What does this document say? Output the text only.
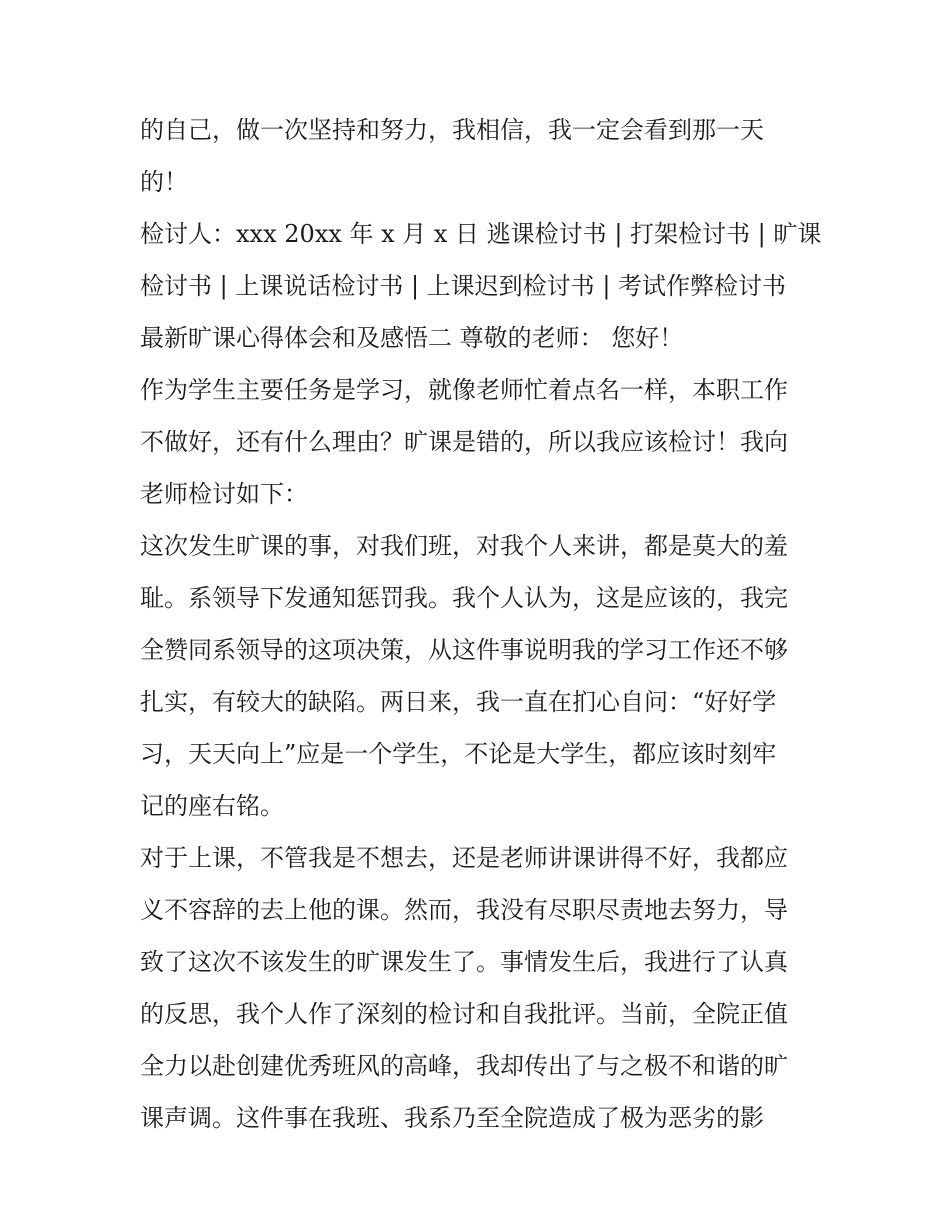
的自己，做一次坚持和努力，我相信，我一定会看到那一天
的！
检讨人：xxx 20xx 年 x 月 x 日 逃课检讨书 | 打架检讨书 | 旷课
检讨书 | 上课说话检讨书 | 上课迟到检讨书 | 考试作弊检讨书
最新旷课心得体会和及感悟二 尊敬的老师： 您好！
作为学生主要任务是学习，就像老师忙着点名一样，本职工作
不做好，还有什么理由？旷课是错的，所以我应该检讨！我向
老师检讨如下：
这次发生旷课的事，对我们班，对我个人来讲，都是莫大的羞
耻。系领导下发通知惩罚我。我个人认为，这是应该的，我完
全赞同系领导的这项决策，从这件事说明我的学习工作还不够
扎实，有较大的缺陷。两日来，我一直在扪心自问：“好好学
习，天天向上”应是一个学生，不论是大学生，都应该时刻牢
记的座右铭。
对于上课，不管我是不想去，还是老师讲课讲得不好，我都应
义不容辞的去上他的课。然而，我没有尽职尽责地去努力，导
致了这次不该发生的旷课发生了。事情发生后，我进行了认真
的反思，我个人作了深刻的检讨和自我批评。当前，全院正值
全力以赴创建优秀班风的高峰，我却传出了与之极不和谐的旷
课声调。这件事在我班、我系乃至全院造成了极为恶劣的影
